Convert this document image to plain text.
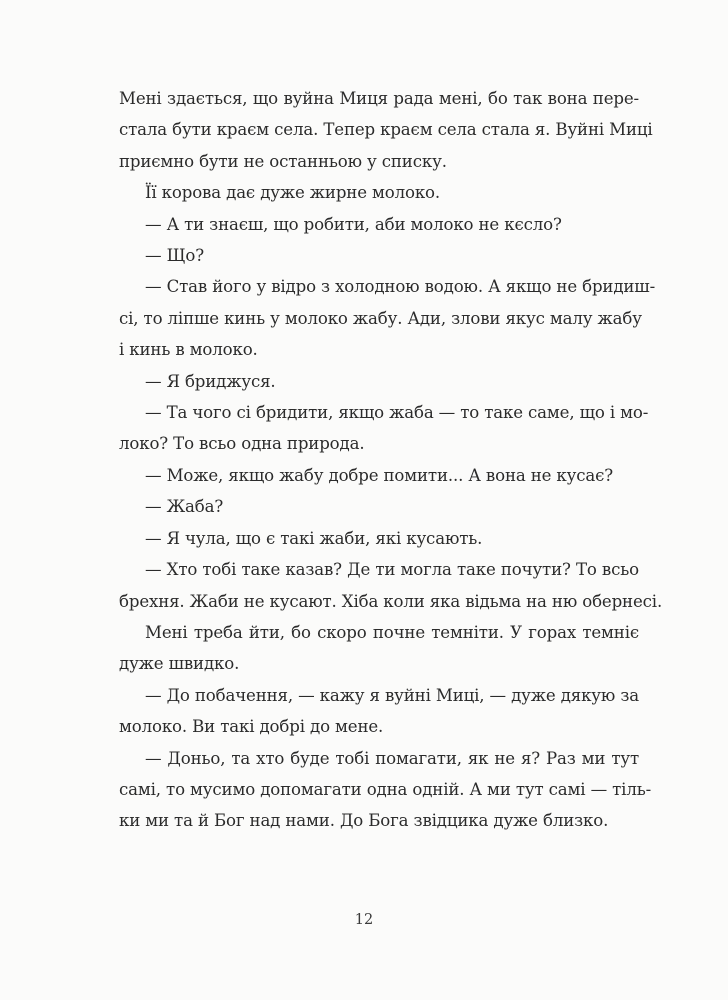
Мені здається, що вуйна Миця рада мені, бо так вона пере-
стала бути краєм села. Тепер краєм села стала я. Вуйні Миці
приємно бути не останньою у списку.
Її корова дає дуже жирне молоко.
— А ти знаєш, що робити, аби молоко не кєсло?
— Що?
— Став його у відро з холодною водою. А якщо не бридиш-
сі, то ліпше кинь у молоко жабу. Ади, злови якус малу жабу
і кинь в молоко.
— Я бриджуся.
— Та чого сі бридити, якщо жаба — то таке саме, що і мо-
локо? То всьо одна природа.
— Може, якщо жабу добре помити... А вона не кусає?
— Жаба?
— Я чула, що є такі жаби, які кусають.
— Хто тобі таке казав? Де ти могла таке почути? То всьо
брехня. Жаби не кусают. Хіба коли яка відьма на ню обернесі.
Мені треба йти, бо скоро почне темніти. У горах темніє
дуже швидко.
— До побачення, — кажу я вуйні Миці, — дуже дякую за
молоко. Ви такі добрі до мене.
— Доньо, та хто буде тобі помагати, як не я? Раз ми тут
самі, то мусимо допомагати одна одній. А ми тут самі — тіль-
ки ми та й Бог над нами. До Бога звідцика дуже близко.
12
